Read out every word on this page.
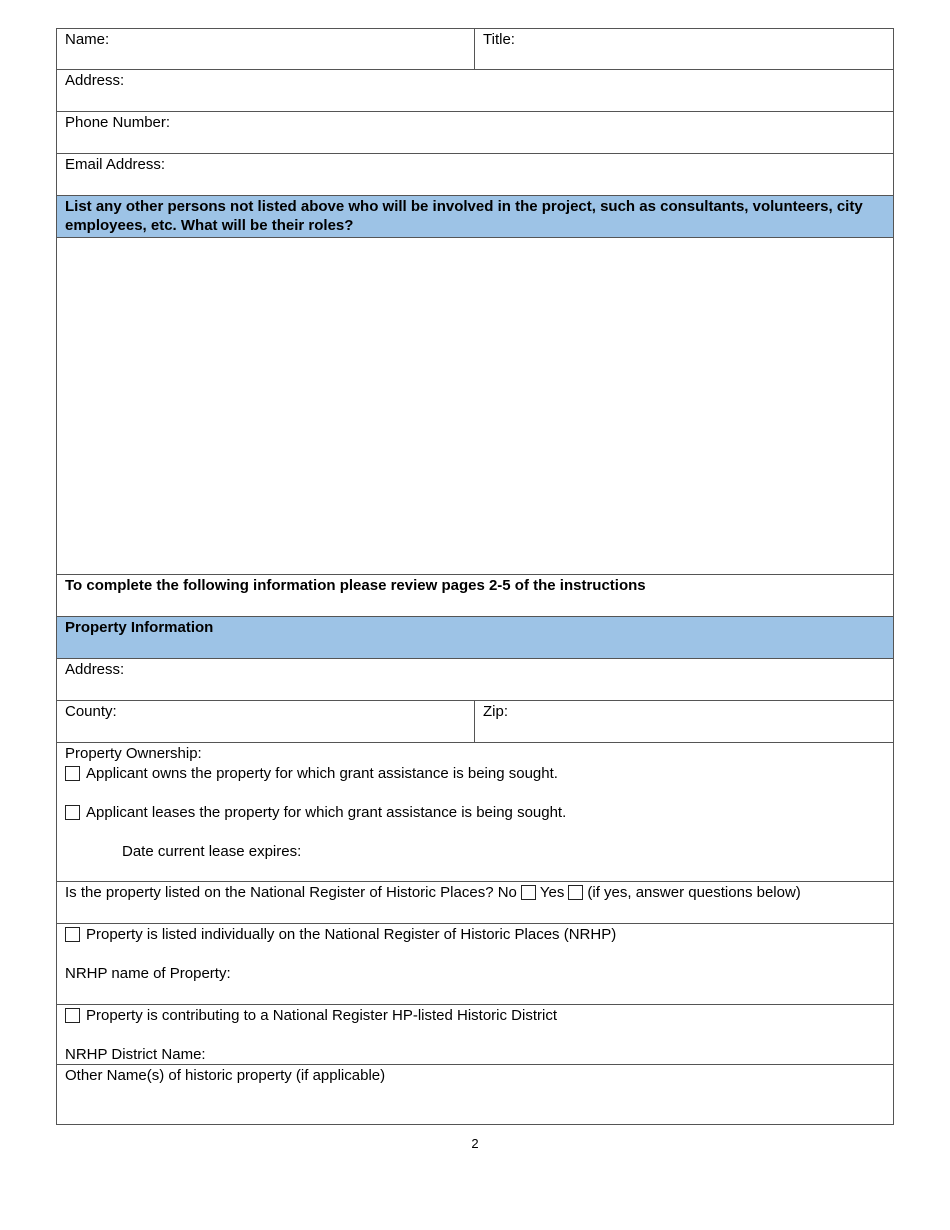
Name:	Title:
Address:
Phone Number:
Email Address:
List any other persons not listed above who will be involved in the project, such as consultants, volunteers, city employees, etc. What will be their roles?
To complete the following information please review pages 2-5 of the instructions
Property Information
Address:
County:	Zip:
Property Ownership:
Applicant owns the property for which grant assistance is being sought.
Applicant leases the property for which grant assistance is being sought.
Date current lease expires:
Is the property listed on the National Register of Historic Places? No Yes (if yes, answer questions below)
Property is listed individually on the National Register of Historic Places (NRHP)
NRHP name of Property:
Property is contributing to a National Register HP-listed Historic District
NRHP District Name:
Other Name(s) of historic property (if applicable)
2
